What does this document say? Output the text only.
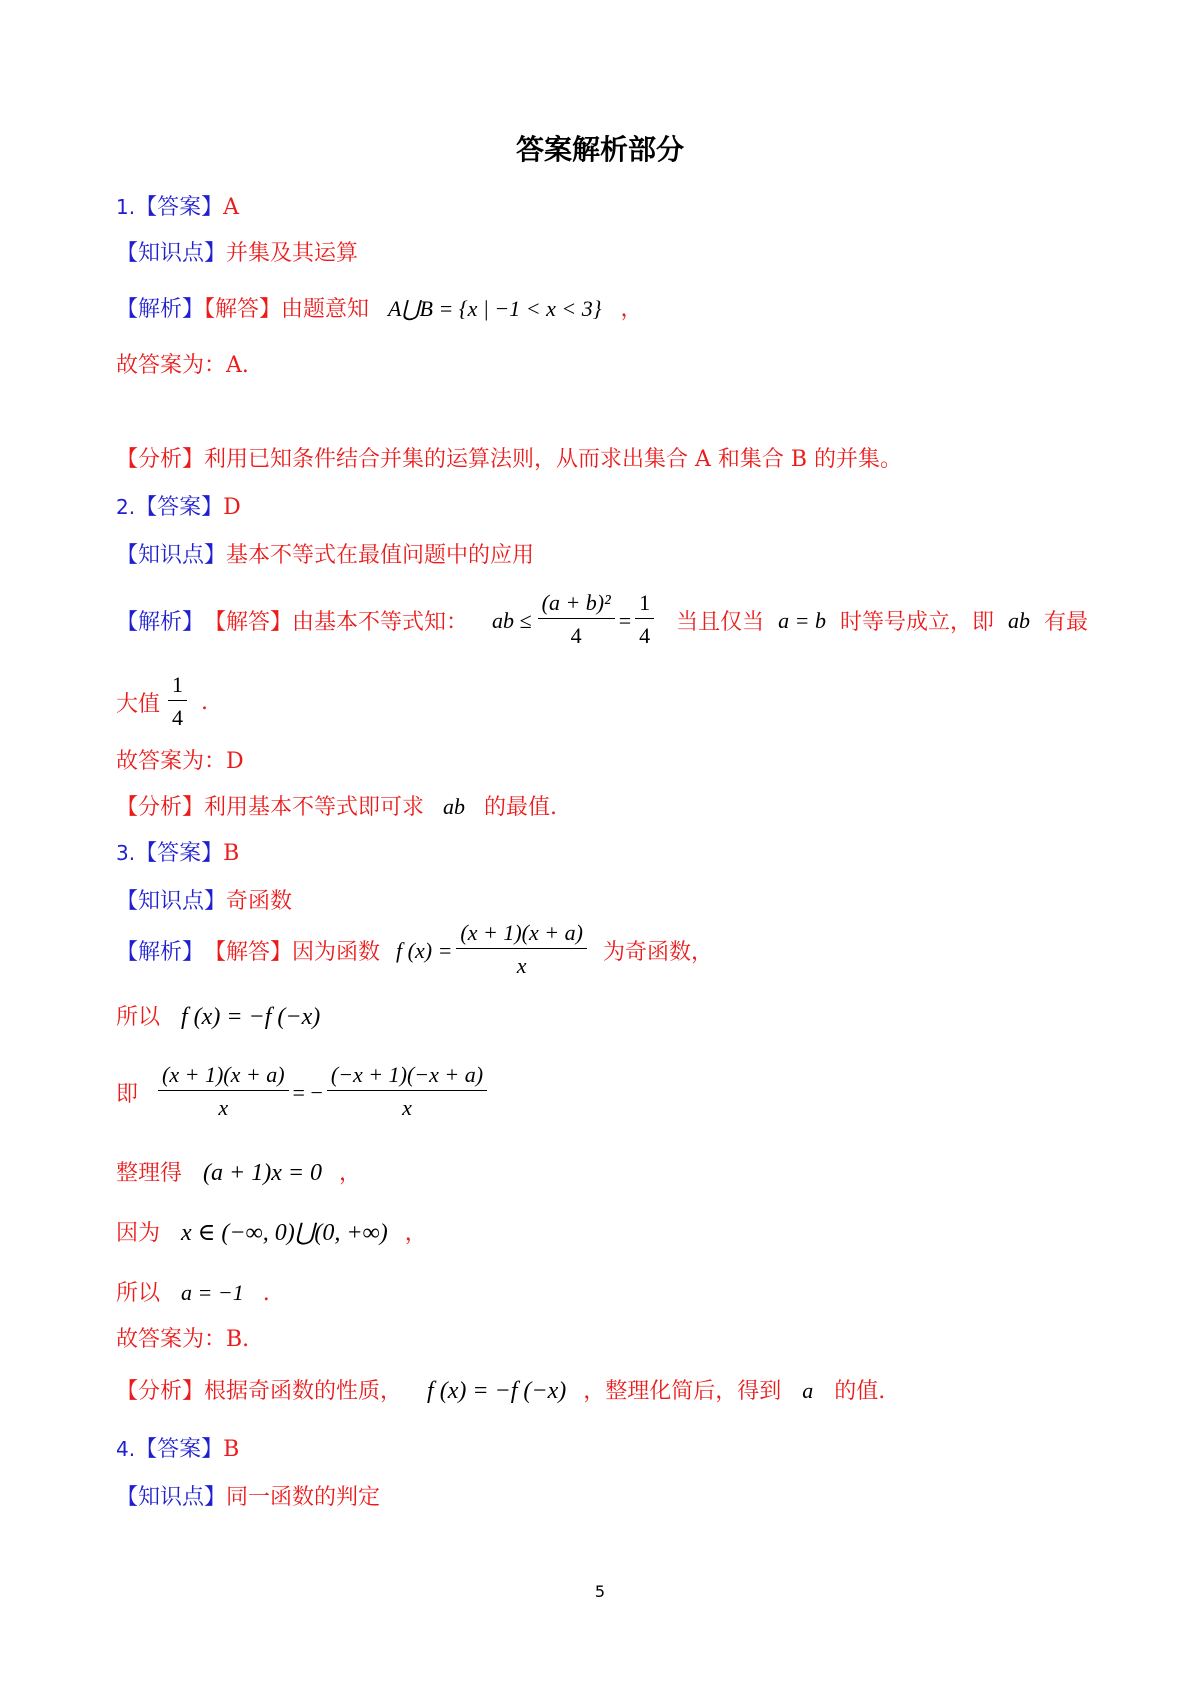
答案解析部分
1.【答案】A
【知识点】并集及其运算
【解析】【解答】由题意知 A⋃B = {x | −1 < x < 3} ，
故答案为：A.
【分析】利用已知条件结合并集的运算法则，从而求出集合 A 和集合 B 的并集。
2.【答案】D
【知识点】基本不等式在最值问题中的应用
【解析】 【解答】 由基本不等式知： ab ≤ $\frac{\text{(a + b)²}}{4} = \frac{1}{4}$ 当且仅当 a = b 时等号成立，即 ab 有最
大值 $\frac{1}{4}$ .
故答案为：D
【分析】利用基本不等式即可求 ab 的最值.
3.【答案】B
【知识点】奇函数
【解析】 【解答】 因为函数 f $(x) = \frac{(x + 1)(x + a)}{x}$ 为奇函数，
所以 f (x) = −f (−x)
即 $\frac{(x + 1)(x + a)}{x}$ = − $\frac{(-x + 1)(-x + a)}{x}$
整理得 (a + 1)x = 0 ，
因为 x ∈ (−∞, 0)⋃(0, +∞) ，
所以 a = −1 .
故答案为：B.
【分析】根据奇函数的性质， f (x) = −f (−x) ，整理化简后，得到 a 的值.
4.【答案】B
【知识点】同一函数的判定
5
